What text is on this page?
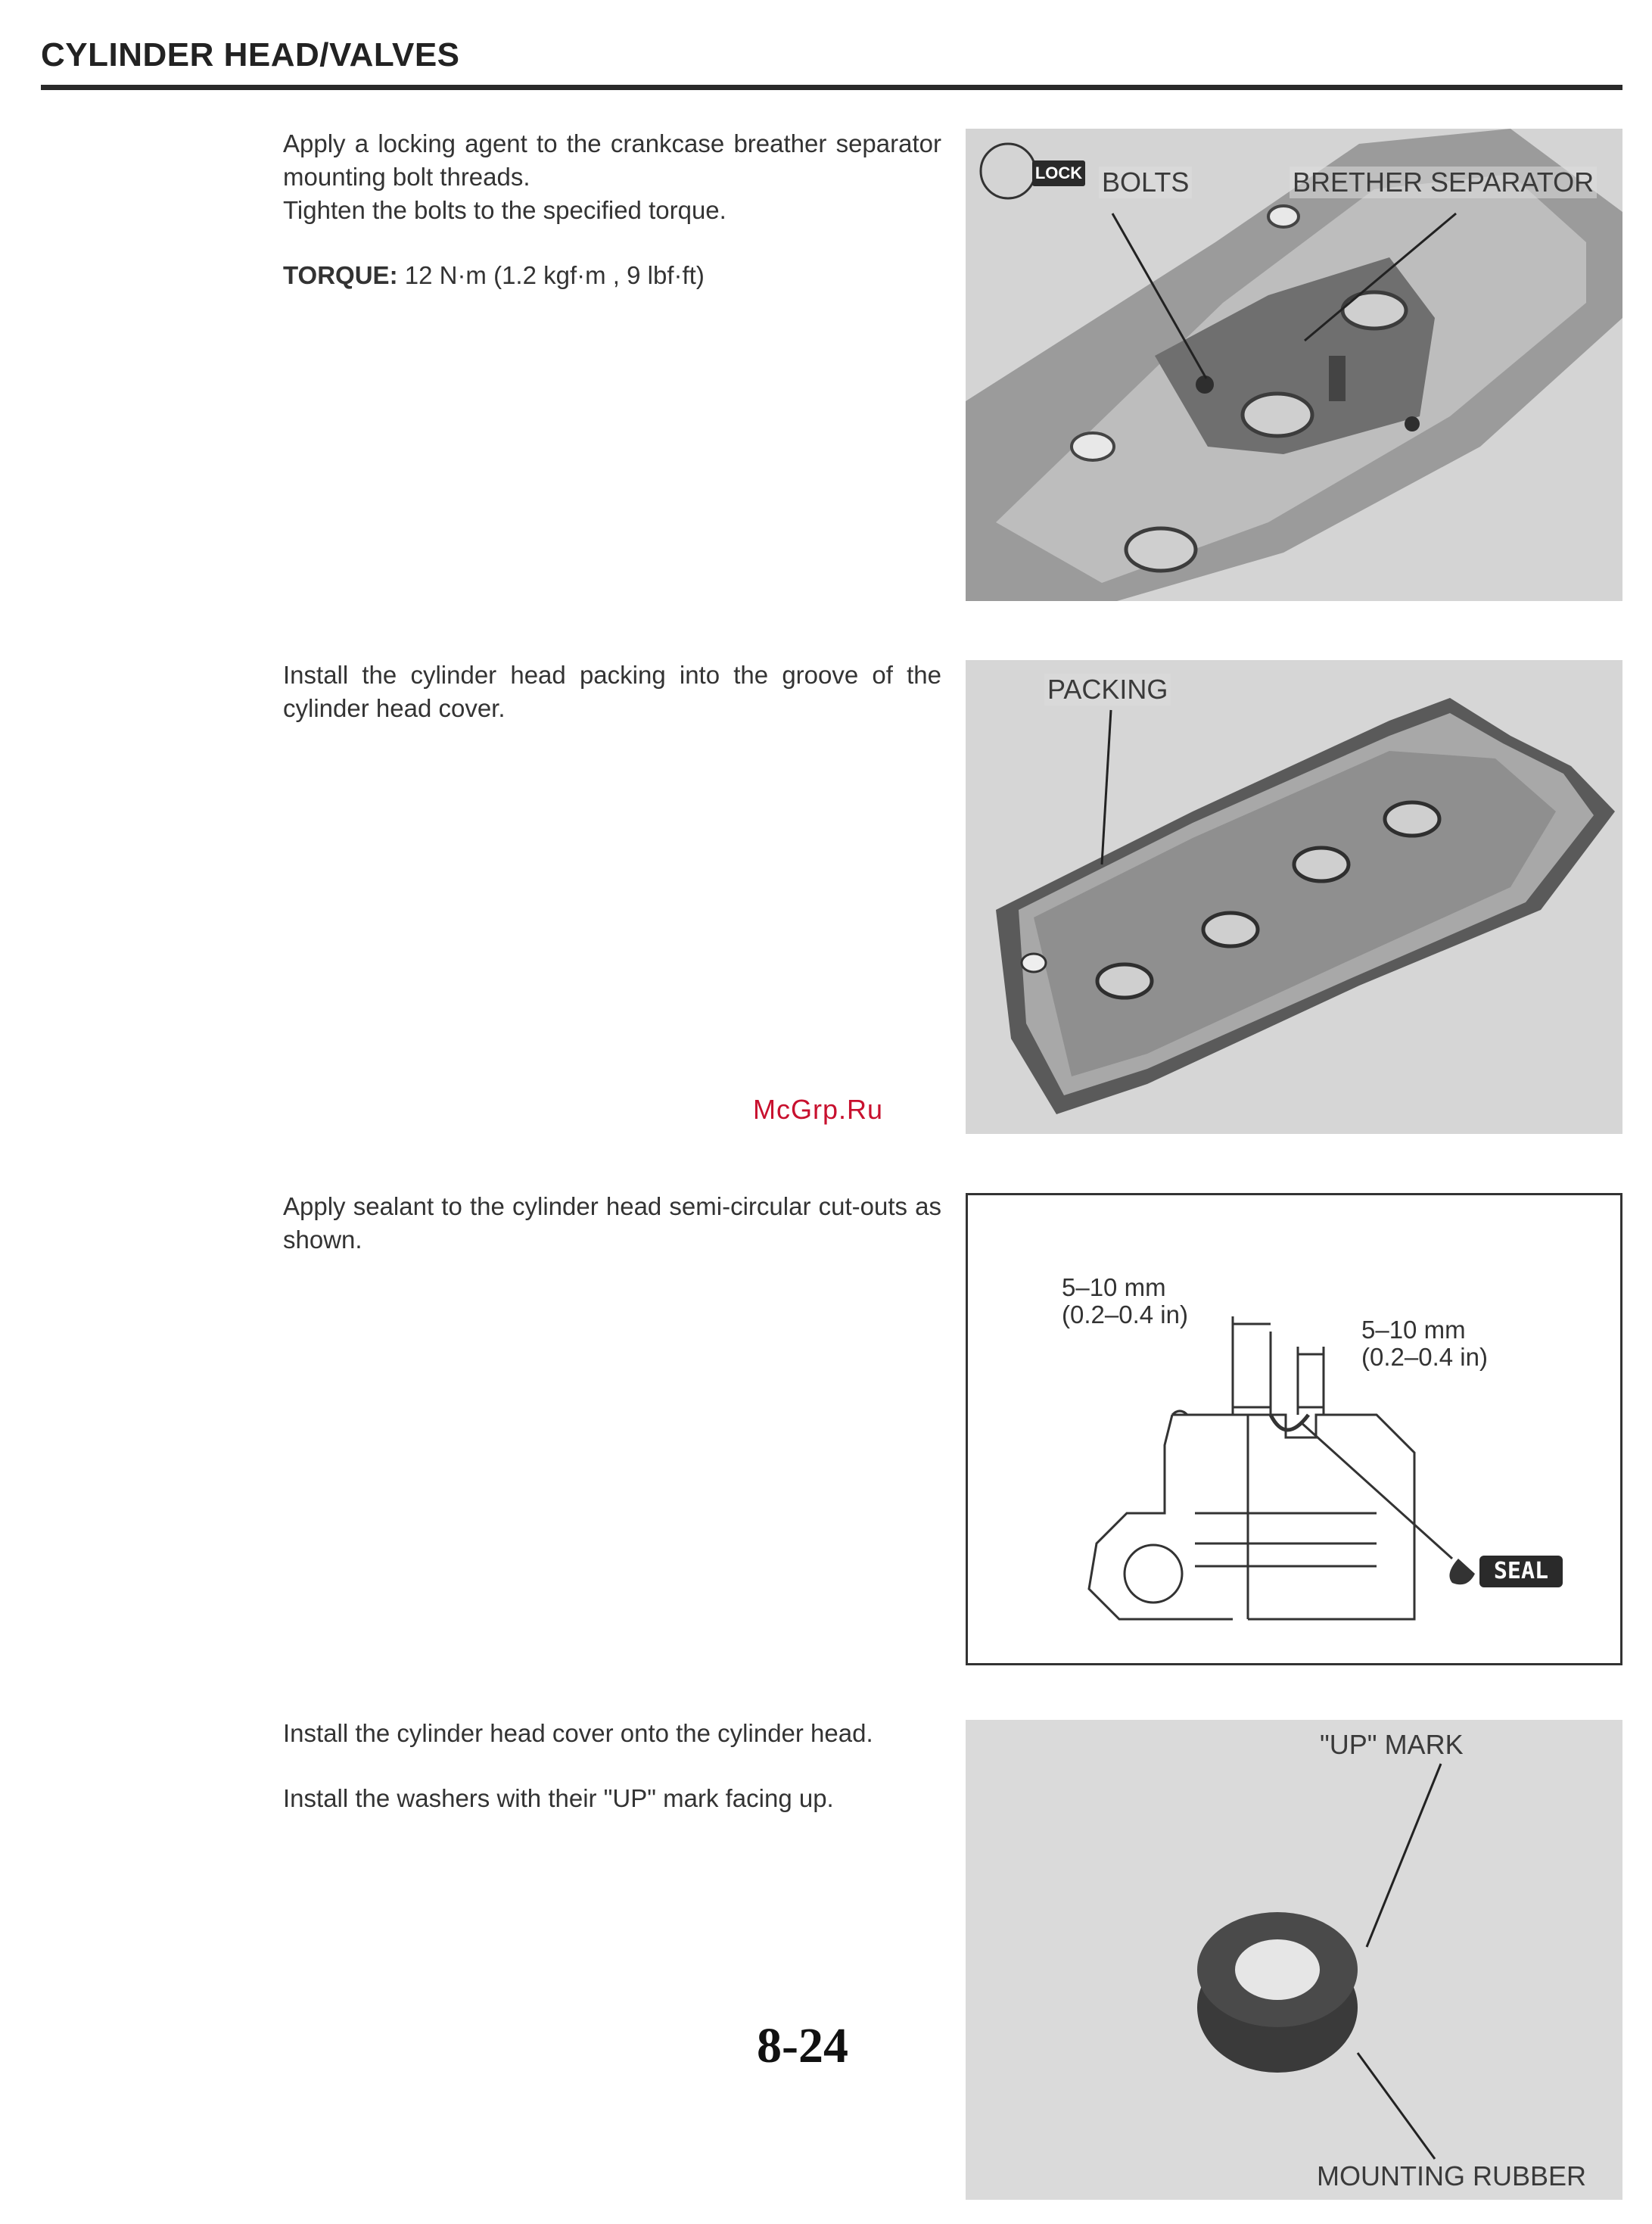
CYLINDER HEAD/VALVES

Apply a locking agent to the crankcase breather separator mounting bolt threads.

Tighten the bolts to the specified torque.

TORQUE: 12 N·m (1.2 kgf·m , 9 lbf·ft)

LOCK BOLTS	BRETHER SEPARATOR

Install the cylinder head packing into the groove of the cylinder head cover.

PACKING

Apply sealant to the cylinder head semi-circular cut-outs as shown.

5–10 mm
(0.2–0.4 in)
5–10 mm
(0.2–0.4 in)
SEAL

Install the cylinder head cover onto the cylinder head.

Install the washers with their "UP" mark facing up.

"UP" MARK
MOUNTING RUBBER
McGrp.Ru
8-24
